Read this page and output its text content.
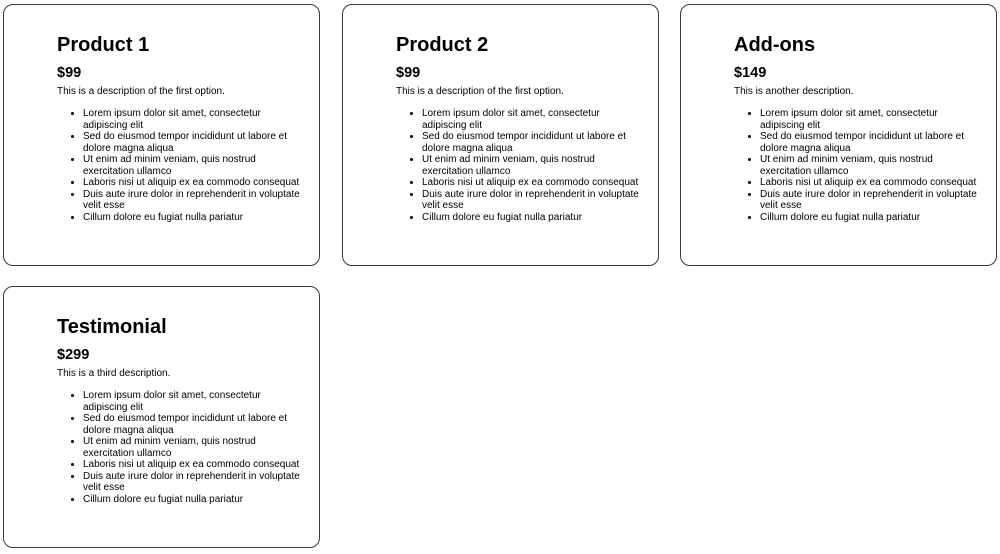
Product 1
$99

This is a description of the first option.

• Lorem ipsum dolor sit amet, consectetur adipiscing elit
• Sed do eiusmod tempor incididunt ut labore et dolore magna aliqua
• Ut enim ad minim veniam, quis nostrud exercitation ullamco
• Laboris nisi ut aliquip ex ea commodo consequat
• Duis aute irure dolor in reprehenderit in voluptate velit esse
• Cillum dolore eu fugiat nulla pariatur
Product 2
$99

This is a description of the first option.

• Lorem ipsum dolor sit amet, consectetur adipiscing elit
• Sed do eiusmod tempor incididunt ut labore et dolore magna aliqua
• Ut enim ad minim veniam, quis nostrud exercitation ullamco
• Laboris nisi ut aliquip ex ea commodo consequat
• Duis aute irure dolor in reprehenderit in voluptate velit esse
• Cillum dolore eu fugiat nulla pariatur
Add-ons
$149

This is another description.

• Lorem ipsum dolor sit amet, consectetur adipiscing elit
• Sed do eiusmod tempor incididunt ut labore et dolore magna aliqua
• Ut enim ad minim veniam, quis nostrud exercitation ullamco
• Laboris nisi ut aliquip ex ea commodo consequat
• Duis aute irure dolor in reprehenderit in voluptate velit esse
• Cillum dolore eu fugiat nulla pariatur
Testimonial
$299

This is a third description.

• Lorem ipsum dolor sit amet, consectetur adipiscing elit
• Sed do eiusmod tempor incididunt ut labore et dolore magna aliqua
• Ut enim ad minim veniam, quis nostrud exercitation ullamco
• Laboris nisi ut aliquip ex ea commodo consequat
• Duis aute irure dolor in reprehenderit in voluptate velit esse
• Cillum dolore eu fugiat nulla pariatur
